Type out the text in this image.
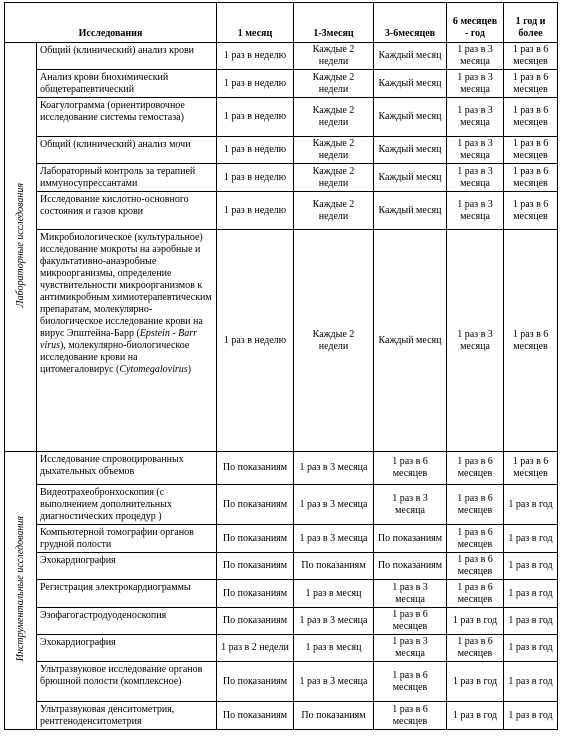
Исследования		1 месяц	1-3месяц	3-6месяцев	6 месяцев - год	1 год и более
Лабораторные исследования	Общий (клинический) анализ крови	1 раз в неделю	Каждые 2 недели	Каждый месяц	1 раз в 3 месяца	1 раз в 6 месяцев
	Анализ крови биохимический общетерапевтический	1 раз в неделю	Каждые 2 недели	Каждый месяц	1 раз в 3 месяца	1 раз в 6 месяцев
	Коагулограмма (ориентировочное исследование системы гемостаза)	1 раз в неделю	Каждые 2 недели	Каждый месяц	1 раз в 3 месяца	1 раз в 6 месяцев
	Общий (клинический) анализ мочи	1 раз в неделю	Каждые 2 недели	Каждый месяц	1 раз в 3 месяца	1 раз в 6 месяцев
	Лабораторный контроль за терапией иммуносупрессантами	1 раз в неделю	Каждые 2 недели	Каждый месяц	1 раз в 3 месяца	1 раз в 6 месяцев
	Исследование кислотно-основного состояния и газов крови	1 раз в неделю	Каждые 2 недели	Каждый месяц	1 раз в 3 месяца	1 раз в 6 месяцев
	Микробиологическое (культуральное) исследование мокроты на аэробные и факультативно-анаэробные микроорганизмы, определение чувствительности микроорганизмов к антимикробным химиотерапевтическим препаратам, молекулярно-биологическое исследование крови на вирус Эпштейна-Барр (Epstein - Barr virus), молекулярно-биологическое исследование крови на цитомегаловирус (Cytomegalovirus)	1 раз в неделю	Каждые 2 недели	Каждый месяц	1 раз в 3 месяца	1 раз в 6 месяцев
Инструментальные исследования	Исследование спровоцированных дыхательных объемов	По показаниям	1 раз в 3 месяца	1 раз в 6 месяцев	1 раз в 6 месяцев	1 раз в 6 месяцев
	Видеотрахеобронхоскопия (с выполнением дополнительных диагностических процедур )	По показаниям	1 раз в 3 месяца	1 раз в 3 месяца	1 раз в 6 месяцев	1 раз в год
	Компьютерной томографии органов грудной полости	По показаниям	1 раз в 3 месяца	По показаниям	1 раз в 6 месяцев	1 раз в год
	Эхокардиография	По показаниям	По показаниям	По показаниям	1 раз в 6 месяцев	1 раз в год
	Регистрация электрокардиограммы	По показаниям	1 раз в месяц	1 раз в 3 месяца	1 раз в 6 месяцев	1 раз в год
	Эзофагогастродуоденоскопия	По показаниям	1 раз в 3 месяца	1 раз в 6 месяцев	1 раз в год	1 раз в год
	Эхокардиография	1 раз в 2 недели	1 раз в месяц	1 раз в 3 месяца	1 раз в 6 месяцев	1 раз в год
	Ультразвуковое исследование органов брюшной полости (комплексное)	По показаниям	1 раз в 3 месяца	1 раз в 6 месяцев	1 раз в год	1 раз в год
	Ультразвуковая денситометрия, рентгеноденситометрия	По показаниям	По показаниям	1 раз в 6 месяцев	1 раз в год	1 раз в год
